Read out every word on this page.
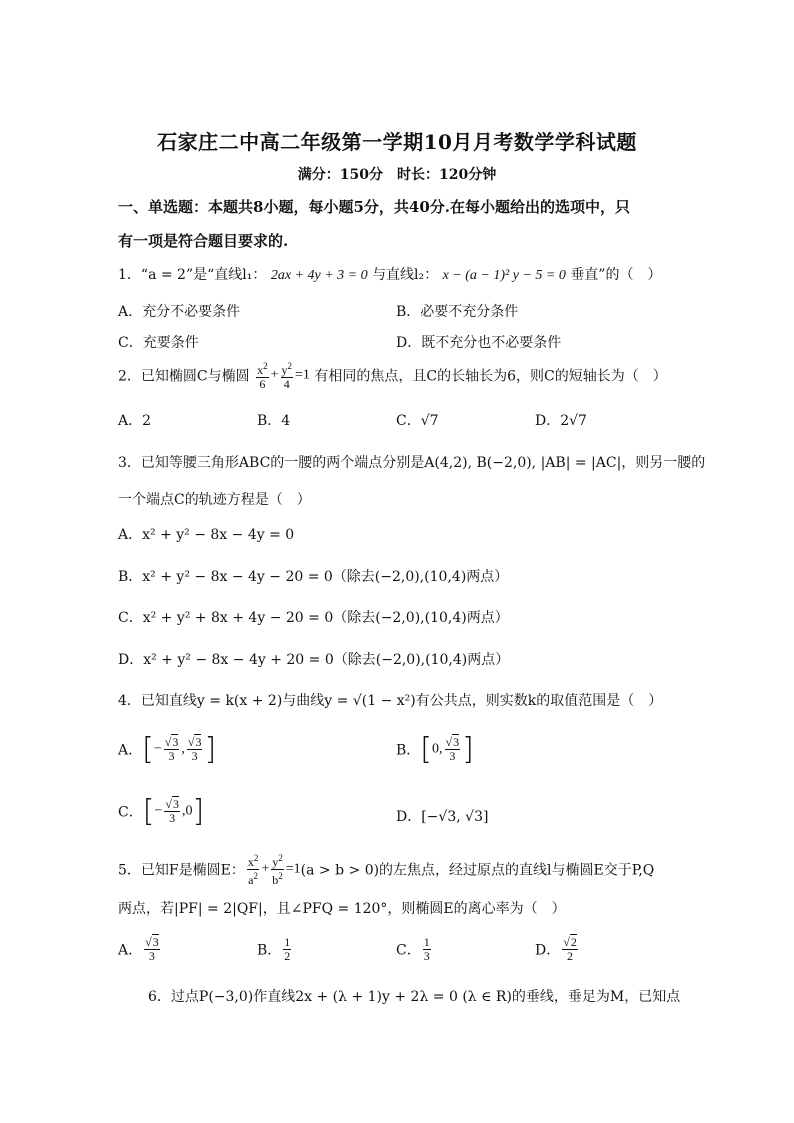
石家庄二中高二年级第一学期10月月考数学学科试题
满分：150分　时长：120分钟
一、单选题：本题共8小题，每小题5分，共40分.在每小题给出的选项中，只
有一项是符合题目要求的.
1．“a = 2”是“直线l₁： 2ax + 4y + 3 = 0 与直线l₂： x − (a − 1)² y − 5 = 0 垂直”的（　）
A．充分不必要条件	B．必要不充分条件
C．充要条件	D．既不充分也不必要条件
2．已知椭圆C与椭圆 $\frac{x^2}{6} + \frac{y^2}{4} =1$ 有相同的焦点，且C的长轴长为6，则C的短轴长为（　）
A．2	B．4	C．√7	D．2√7
3．已知等腰三角形ABC的一腰的两个端点分别是A(4,2), B(−2,0), |AB| = |AC|，则另一腰的
一个端点C的轨迹方程是（　）
A．x² + y² − 8x − 4y = 0
B．x² + y² − 8x − 4y − 20 = 0（除去(−2,0),(10,4)两点）
C．x² + y² + 8x + 4y − 20 = 0（除去(−2,0),(10,4)两点）
D．x² + y² − 8x − 4y + 20 = 0（除去(−2,0),(10,4)两点）
4．已知直线y = k(x + 2)与曲线y = √(1 − x²)有公共点，则实数k的取值范围是（　）
A．[− $\frac{√3}{3}$ , $\frac{√3}{3}$ ]	B．[0, $\frac{√3}{3}$ ]
C．[− $\frac{√3}{3} ,0$]	D．[−√3, √3]
5．已知F是椭圆E： $\frac{x^2}{a^2} + \frac{y^2}{b^2} =1(a > b > 0)$的左焦点，经过原点的直线l与椭圆E交于P,Q
两点，若|PF| = 2|QF|，且∠PFQ = 120°，则椭圆E的离心率为（　）
A． $\frac{√3}{3}$	B． $\frac{1}{2}$	C． $\frac{1}{3}$	D． $\frac{√2}{2}$
6．过点P(−3,0)作直线2x + (λ + 1)y + 2λ = 0 (λ ∈ R)的垂线，垂足为M，已知点
